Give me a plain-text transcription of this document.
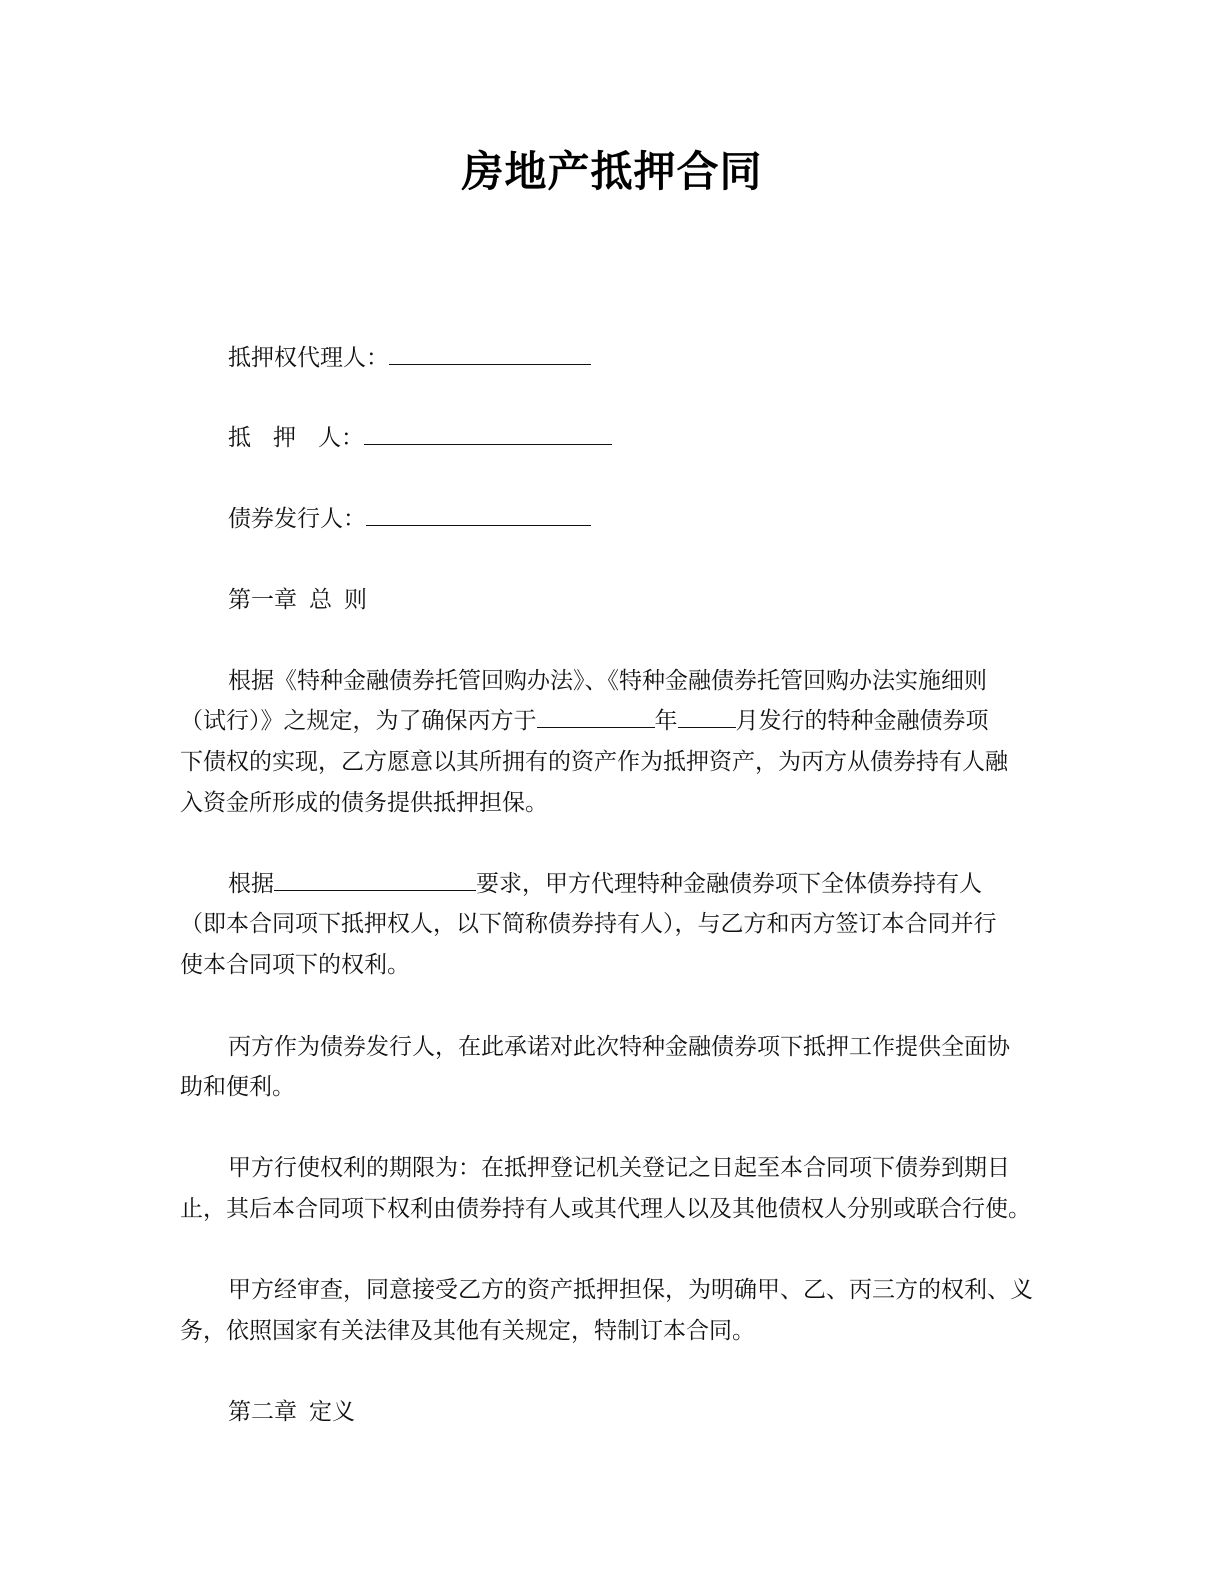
房地产抵押合同
抵押权代理人：
抵 押 人：
债券发行人：
第一章 总 则
根据《特种金融债券托管回购办法》、《特种金融债券托管回购办法实施细则
（试行）》之规定，为了确保丙方于	年	月发行的特种金融债券项
下债权的实现，乙方愿意以其所拥有的资产作为抵押资产，为丙方从债券持有人融
入资金所形成的债务提供抵押担保。
根据	要求，甲方代理特种金融债券项下全体债券持有人
（即本合同项下抵押权人，以下简称债券持有人），与乙方和丙方签订本合同并行
使本合同项下的权利。
丙方作为债券发行人，在此承诺对此次特种金融债券项下抵押工作提供全面协
助和便利。
甲方行使权利的期限为：在抵押登记机关登记之日起至本合同项下债券到期日
止，其后本合同项下权利由债券持有人或其代理人以及其他债权人分别或联合行使。
甲方经审查，同意接受乙方的资产抵押担保，为明确甲、乙、丙三方的权利、义
务，依照国家有关法律及其他有关规定，特制订本合同。
第二章 定义
